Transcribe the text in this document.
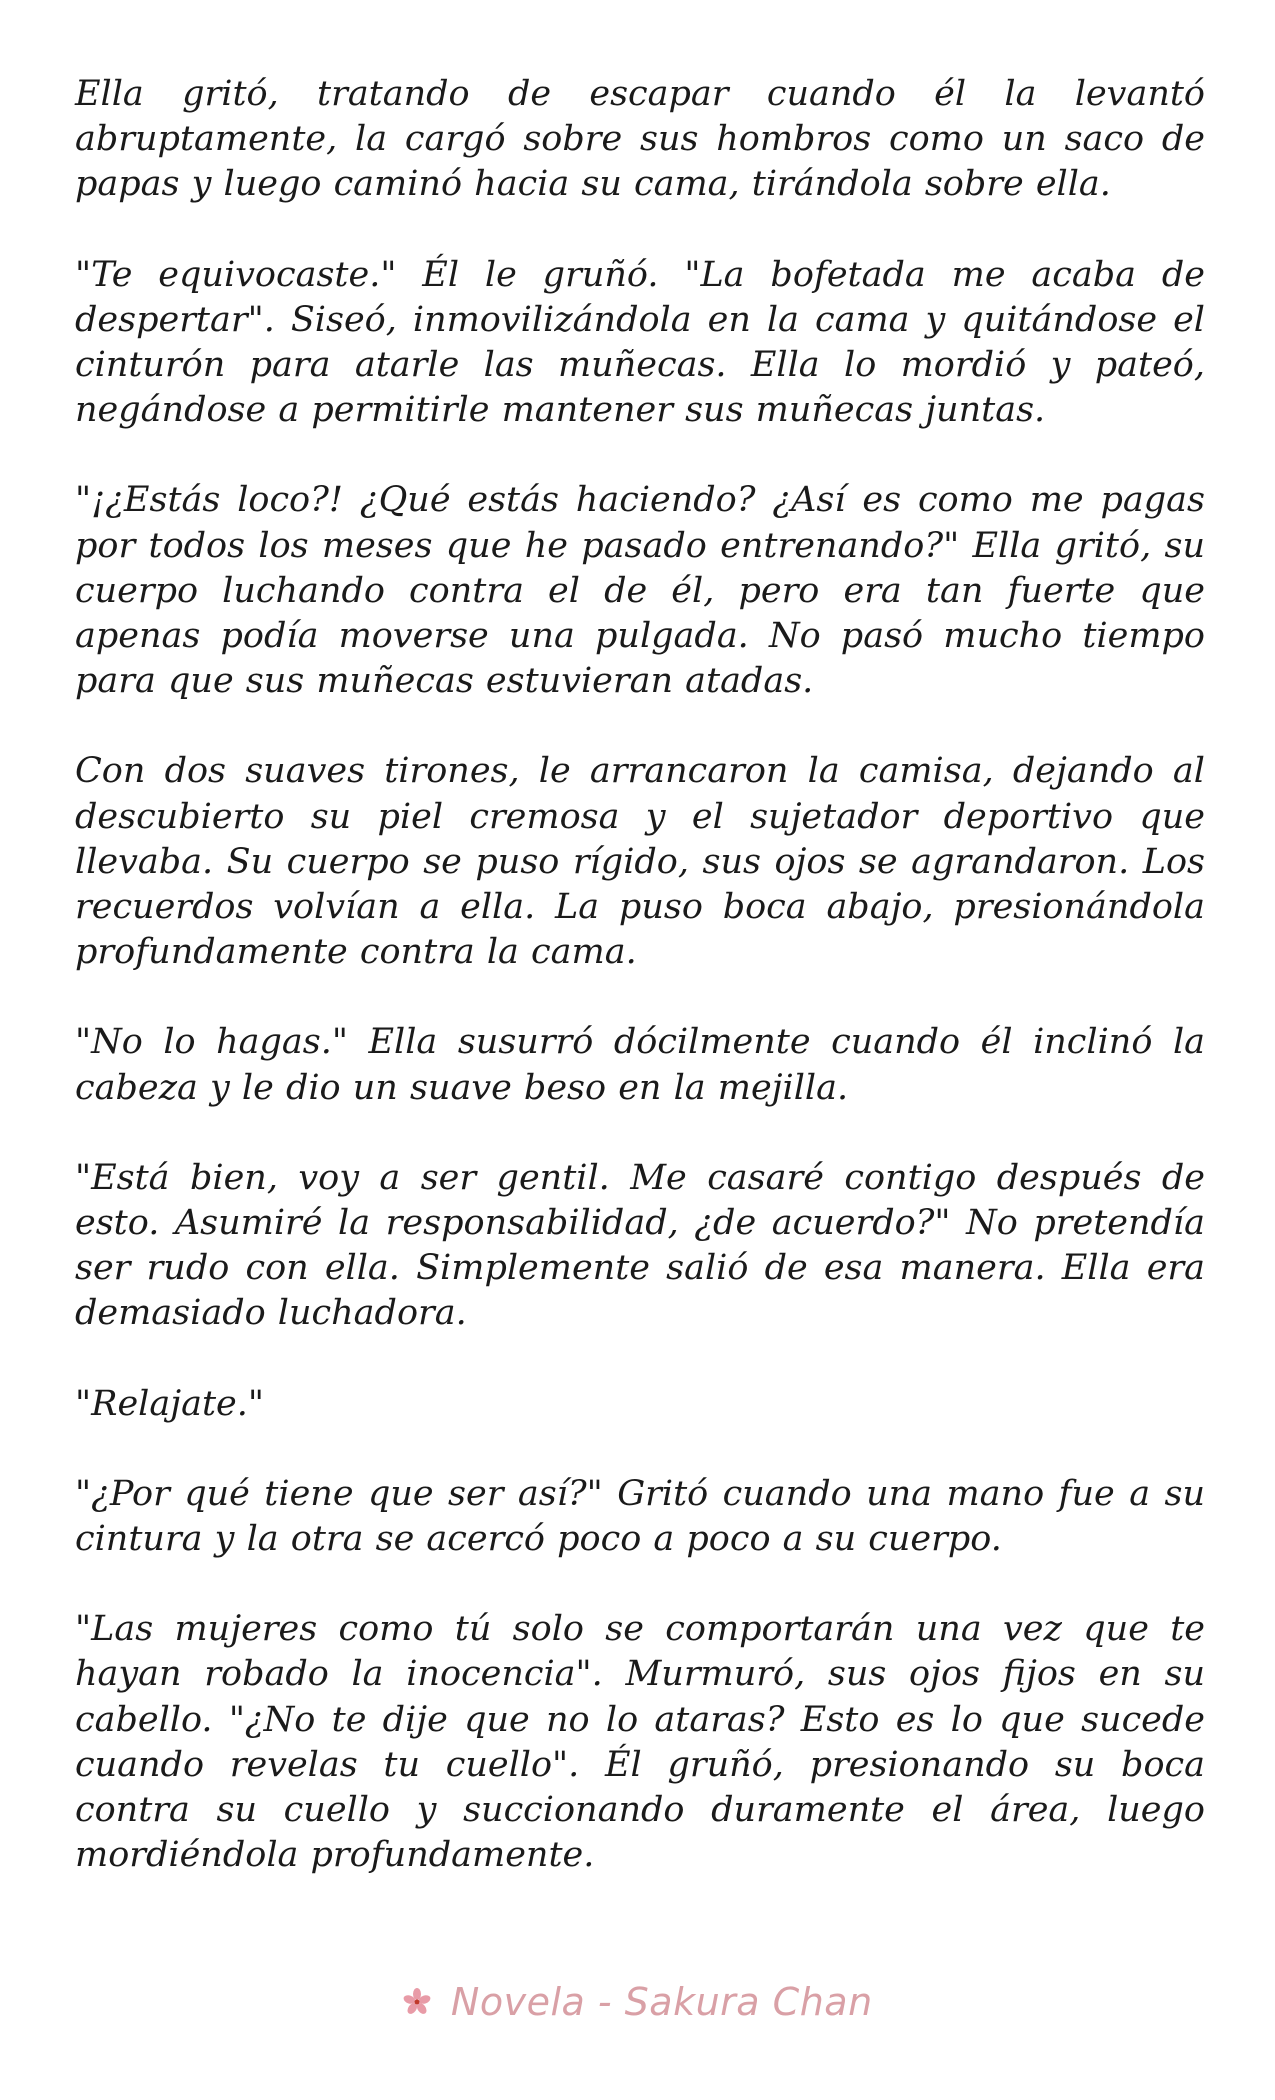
Ella gritó, tratando de escapar cuando él la levantó abruptamente, la cargó sobre sus hombros como un saco de papas y luego caminó hacia su cama, tirándola sobre ella.

"Te equivocaste." Él le gruñó. "La bofetada me acaba de despertar". Siseó, inmovilizándola en la cama y quitándose el cinturón para atarle las muñecas. Ella lo mordió y pateó, negándose a permitirle mantener sus muñecas juntas.

"¡¿Estás loco?! ¿Qué estás haciendo? ¿Así es como me pagas por todos los meses que he pasado entrenando?" Ella gritó, su cuerpo luchando contra el de él, pero era tan fuerte que apenas podía moverse una pulgada. No pasó mucho tiempo para que sus muñecas estuvieran atadas.

Con dos suaves tirones, le arrancaron la camisa, dejando al descubierto su piel cremosa y el sujetador deportivo que llevaba. Su cuerpo se puso rígido, sus ojos se agrandaron. Los recuerdos volvían a ella. La puso boca abajo, presionándola profundamente contra la cama.

"No lo hagas." Ella susurró dócilmente cuando él inclinó la cabeza y le dio un suave beso en la mejilla.

"Está bien, voy a ser gentil. Me casaré contigo después de esto. Asumiré la responsabilidad, ¿de acuerdo?" No pretendía ser rudo con ella. Simplemente salió de esa manera. Ella era demasiado luchadora.

"Relajate."

"¿Por qué tiene que ser así?" Gritó cuando una mano fue a su cintura y la otra se acercó poco a poco a su cuerpo.

"Las mujeres como tú solo se comportarán una vez que te hayan robado la inocencia". Murmuró, sus ojos fijos en su cabello. "¿No te dije que no lo ataras? Esto es lo que sucede cuando revelas tu cuello". Él gruñó, presionando su boca contra su cuello y succionando duramente el área, luego mordiéndola profundamente.

Novela - Sakura Chan
